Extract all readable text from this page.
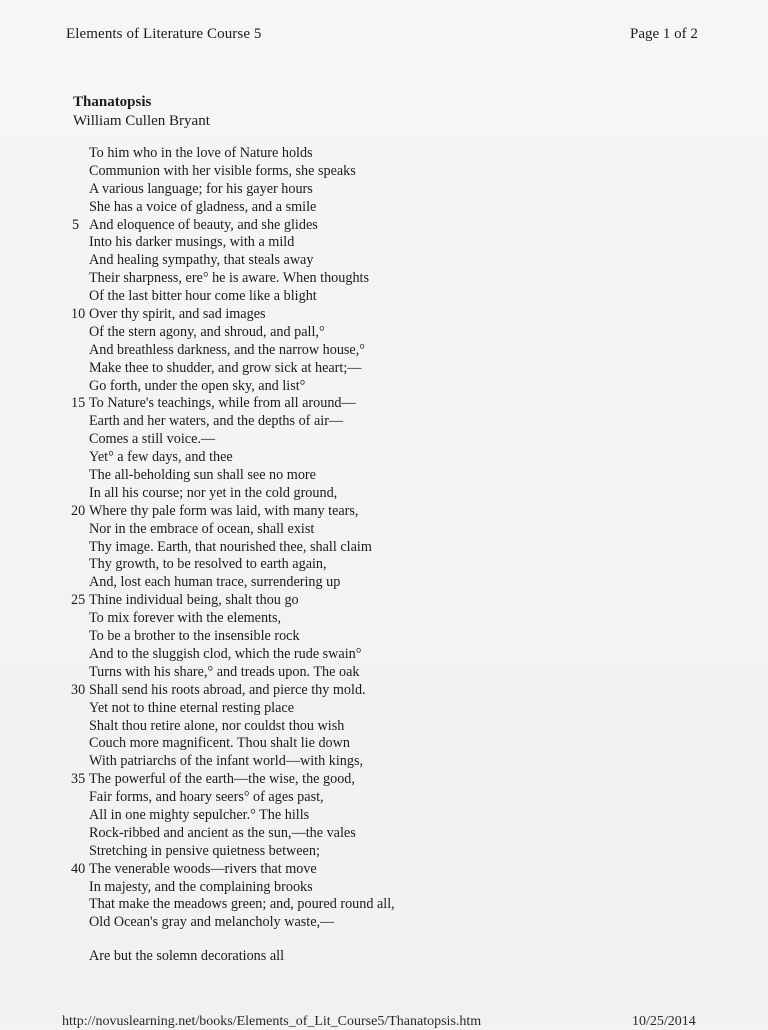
Elements of Literature Course 5	Page 1 of 2
Thanatopsis
William Cullen Bryant
To him who in the love of Nature holds
Communion with her visible forms, she speaks
A various language; for his gayer hours
She has a voice of gladness, and a smile
5 And eloquence of beauty, and she glides
Into his darker musings, with a mild
And healing sympathy, that steals away
Their sharpness, ere° he is aware. When thoughts
Of the last bitter hour come like a blight
10 Over thy spirit, and sad images
Of the stern agony, and shroud, and pall,°
And breathless darkness, and the narrow house,°
Make thee to shudder, and grow sick at heart;—
Go forth, under the open sky, and list°
15 To Nature's teachings, while from all around—
Earth and her waters, and the depths of air—
Comes a still voice.—
Yet° a few days, and thee
The all-beholding sun shall see no more
In all his course; nor yet in the cold ground,
20 Where thy pale form was laid, with many tears,
Nor in the embrace of ocean, shall exist
Thy image. Earth, that nourished thee, shall claim
Thy growth, to be resolved to earth again,
And, lost each human trace, surrendering up
25 Thine individual being, shalt thou go
To mix forever with the elements,
To be a brother to the insensible rock
And to the sluggish clod, which the rude swain°
Turns with his share,° and treads upon. The oak
30 Shall send his roots abroad, and pierce thy mold.
Yet not to thine eternal resting place
Shalt thou retire alone, nor couldst thou wish
Couch more magnificent. Thou shalt lie down
With patriarchs of the infant world—with kings,
35 The powerful of the earth—the wise, the good,
Fair forms, and hoary seers° of ages past,
All in one mighty sepulcher.° The hills
Rock-ribbed and ancient as the sun,—the vales
Stretching in pensive quietness between;
40 The venerable woods—rivers that move
In majesty, and the complaining brooks
That make the meadows green; and, poured round all,
Old Ocean's gray and melancholy waste,—
Are but the solemn decorations all
http://novuslearning.net/books/Elements_of_Lit_Course5/Thanatopsis.htm	10/25/2014
